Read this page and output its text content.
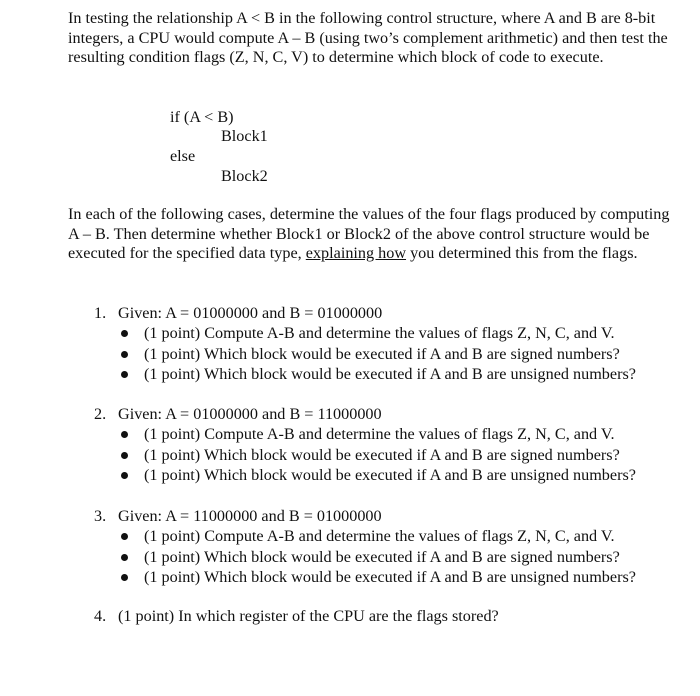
In testing the relationship A < B in the following control structure, where A and B are 8-bit integers, a CPU would compute A – B (using two’s complement arithmetic) and then test the resulting condition flags (Z, N, C, V) to determine which block of code to execute.
if (A < B)
Block1
else
Block2
In each of the following cases, determine the values of the four flags produced by computing A – B. Then determine whether Block1 or Block2 of the above control structure would be executed for the specified data type, explaining how you determined this from the flags.
1. Given: A = 01000000 and B = 01000000
(1 point) Compute A-B and determine the values of flags Z, N, C, and V.
(1 point) Which block would be executed if A and B are signed numbers?
(1 point) Which block would be executed if A and B are unsigned numbers?
2. Given: A = 01000000 and B = 11000000
(1 point) Compute A-B and determine the values of flags Z, N, C, and V.
(1 point) Which block would be executed if A and B are signed numbers?
(1 point) Which block would be executed if A and B are unsigned numbers?
3. Given: A = 11000000 and B = 01000000
(1 point) Compute A-B and determine the values of flags Z, N, C, and V.
(1 point) Which block would be executed if A and B are signed numbers?
(1 point) Which block would be executed if A and B are unsigned numbers?
4. (1 point) In which register of the CPU are the flags stored?
